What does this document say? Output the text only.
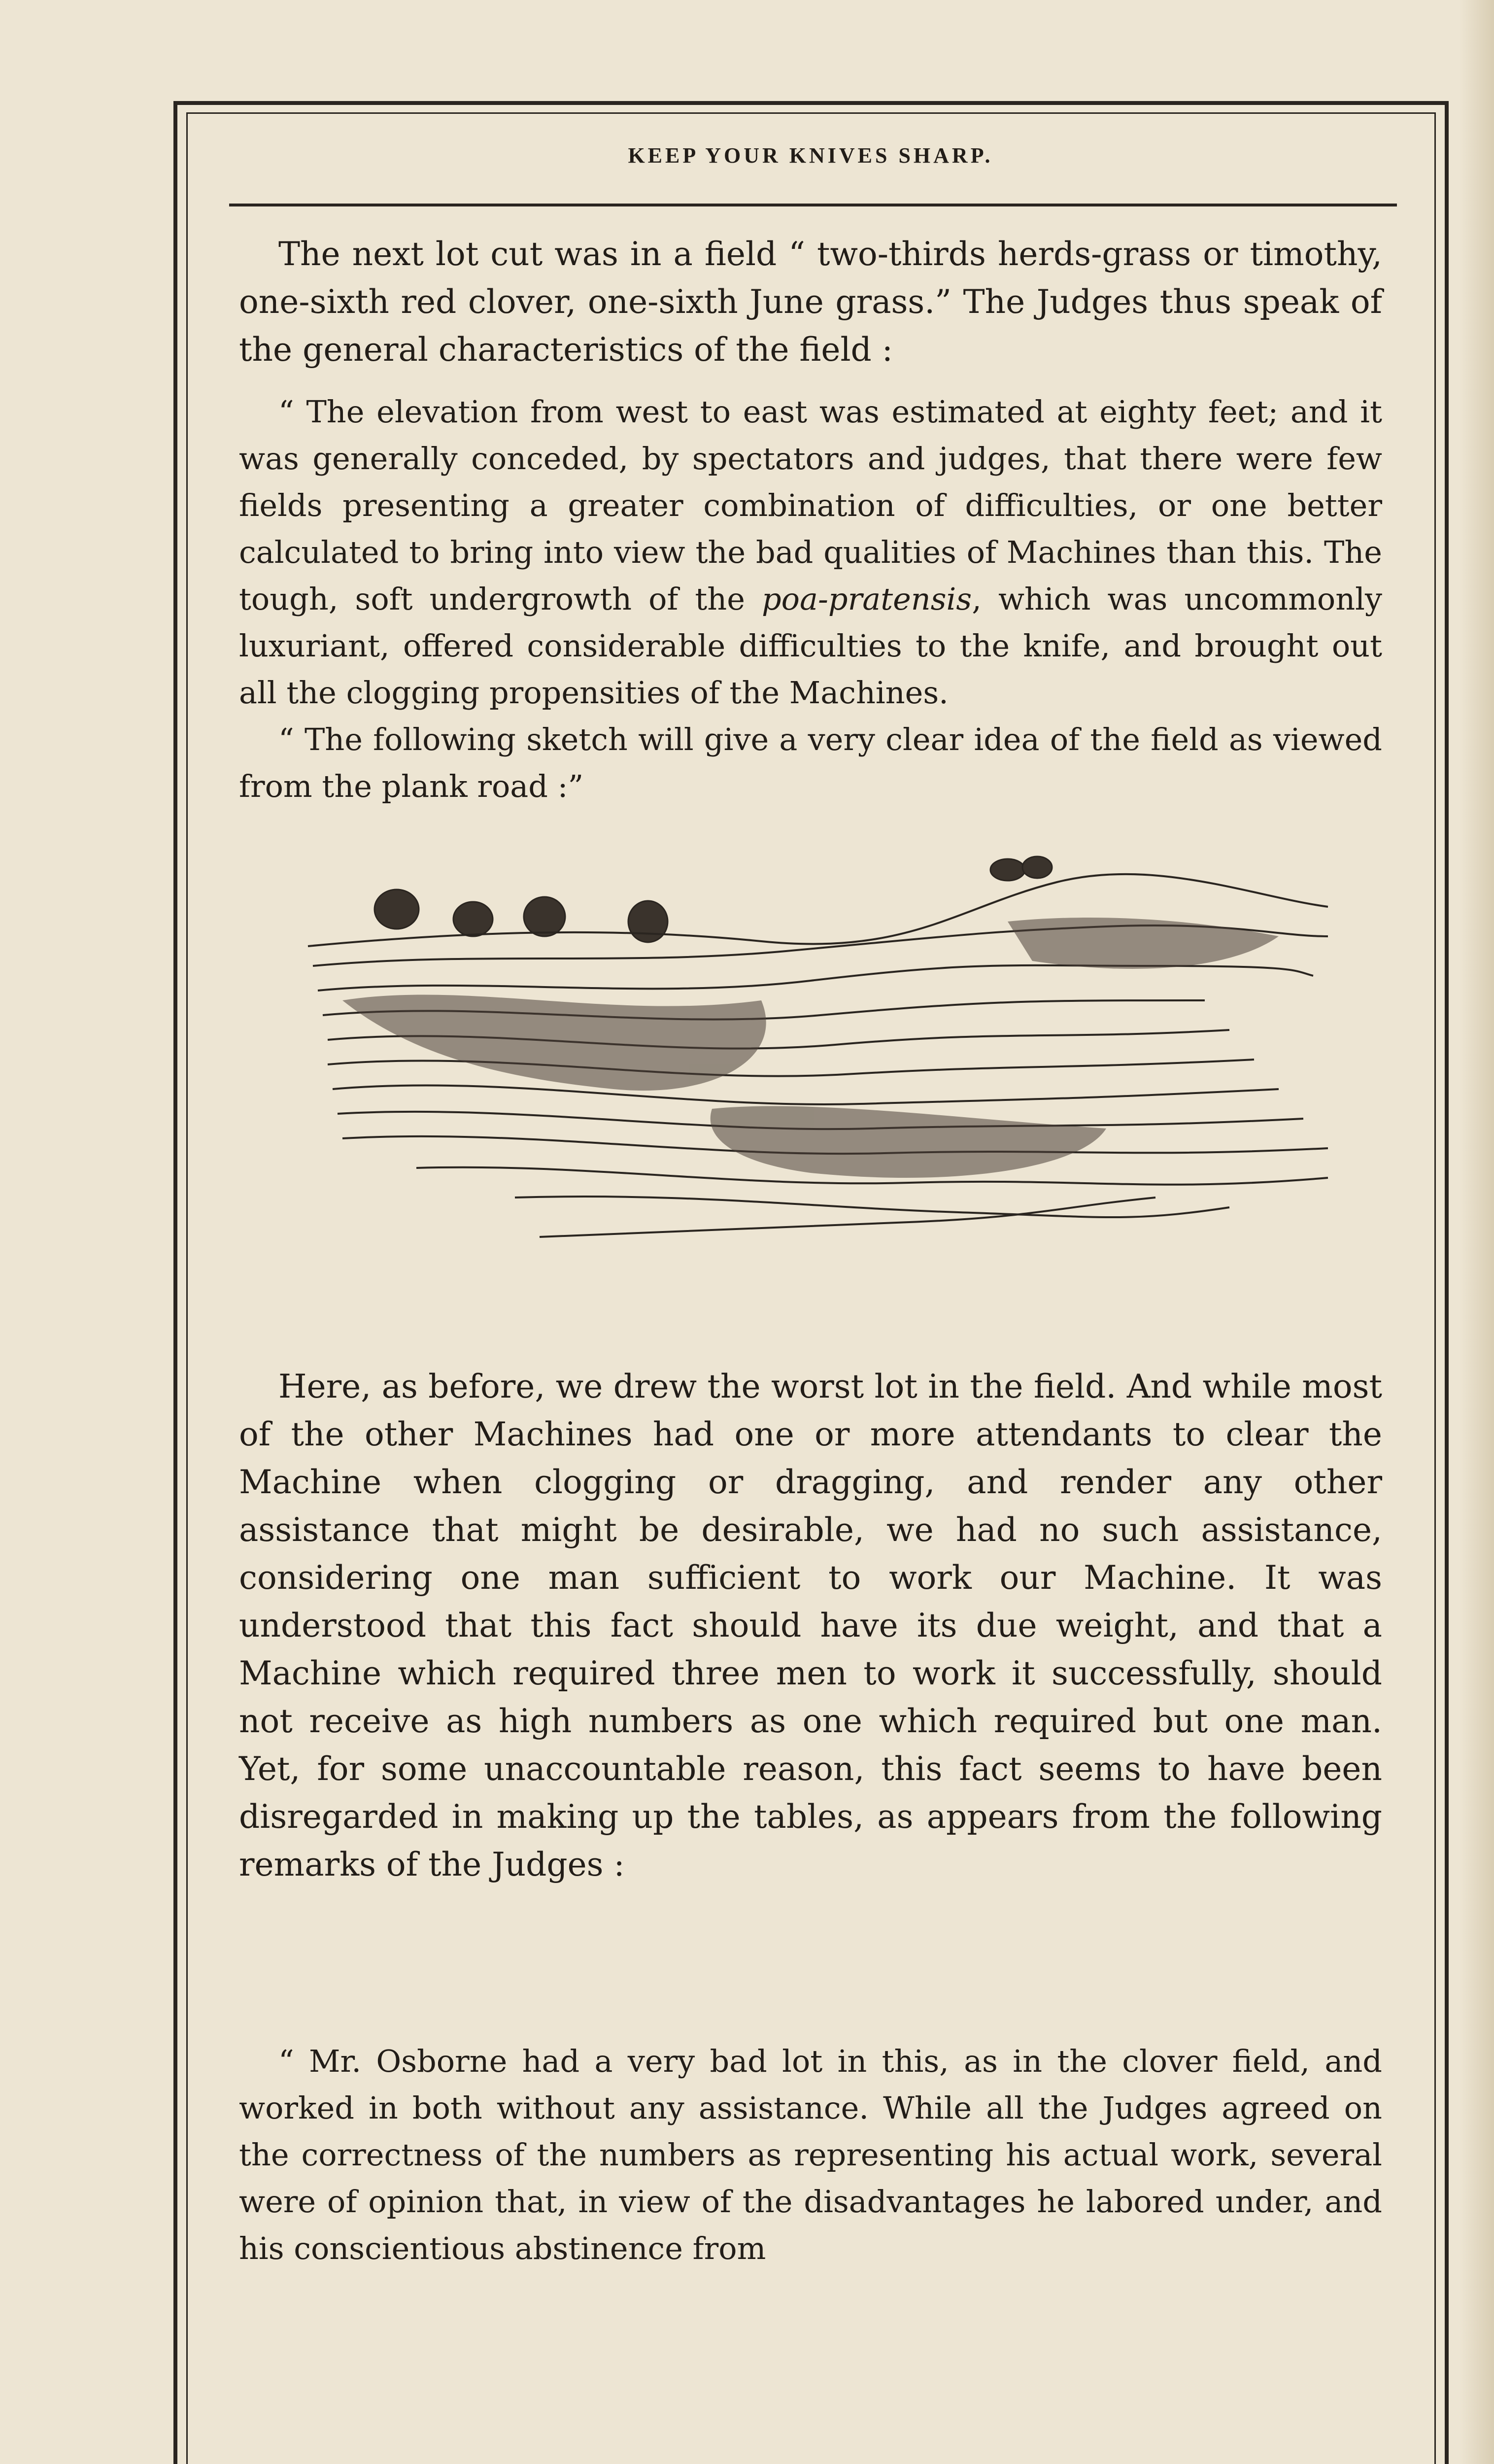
KEEP YOUR KNIVES SHARP.

The next lot cut was in a field “ two-thirds herds-grass or timothy, one-sixth red clover, one-sixth June grass.” The Judges thus speak of the general characteristics of the field :

“ The elevation from west to east was estimated at eighty feet; and it was generally conceded, by spectators and judges, that there were few fields presenting a greater combination of difficulties, or one better calculated to bring into view the bad qualities of Machines than this. The tough, soft undergrowth of the poa-pratensis, which was uncommonly luxuriant, offered considerable difficulties to the knife, and brought out all the clogging propensities of the Machines.

“ The following sketch will give a very clear idea of the field as viewed from the plank road :”

Here, as before, we drew the worst lot in the field. And while most of the other Machines had one or more attendants to clear the Machine when clogging or dragging, and render any other assistance that might be desirable, we had no such assistance, considering one man sufficient to work our Machine. It was understood that this fact should have its due weight, and that a Machine which required three men to work it successfully, should not receive as high numbers as one which required but one man. Yet, for some unaccountable reason, this fact seems to have been disregarded in making up the tables, as appears from the following remarks of the Judges :

“ Mr. Osborne had a very bad lot in this, as in the clover field, and worked in both without any assistance. While all the Judges agreed on the correctness of the numbers as representing his actual work, several were of opinion that, in view of the disadvantages he labored under, and his conscientious abstinence from
